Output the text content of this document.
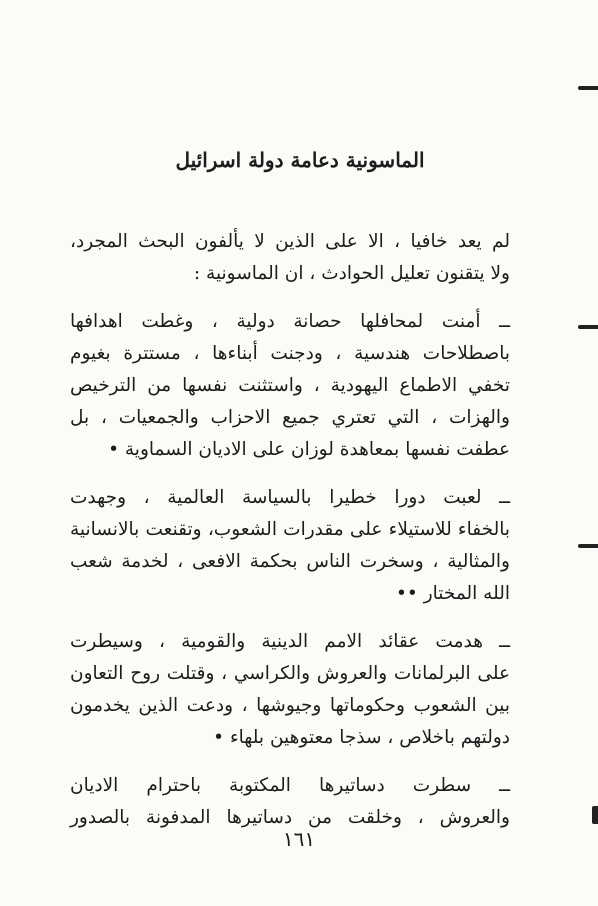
الماسونية دعامة دولة اسرائيل

لم يعد خافيا ، الا على الذين لا يألفون البحث المجرد،
ولا يتقنون تعليل الحوادث ، ان الماسونية :

ــ أمنت لمحافلها حصانة دولية ، وغطت اهدافها
باصطلاحات هندسية ، ودجنت أبناءها ، مستترة بغيوم
تخفي الاطماع اليهودية ، واستثنت نفسها من الترخيص
والهزات ، التي تعتري جميع الاحزاب والجمعيات ، بل
عطفت نفسها بمعاهدة لوزان على الاديان السماوية •

ــ لعبت دورا خطيرا بالسياسة العالمية ، وجهدت
بالخفاء للاستيلاء على مقدرات الشعوب، وتقنعت بالانسانية
والمثالية ، وسخرت الناس بحكمة الافعى ، لخدمة شعب
الله المختار ••

ــ هدمت عقائد الامم الدينية والقومية ، وسيطرت
على البرلمانات والعروش والكراسي ، وقتلت روح التعاون
بين الشعوب وحكوماتها وجيوشها ، ودعت الذين يخدمون
دولتهم باخلاص ، سذجا معتوهين بلهاء •

ــ سطرت دساتيرها المكتوبة باحترام الاديان
والعروش ، وخلقت من دساتيرها المدفونة بالصدور

١٦١
